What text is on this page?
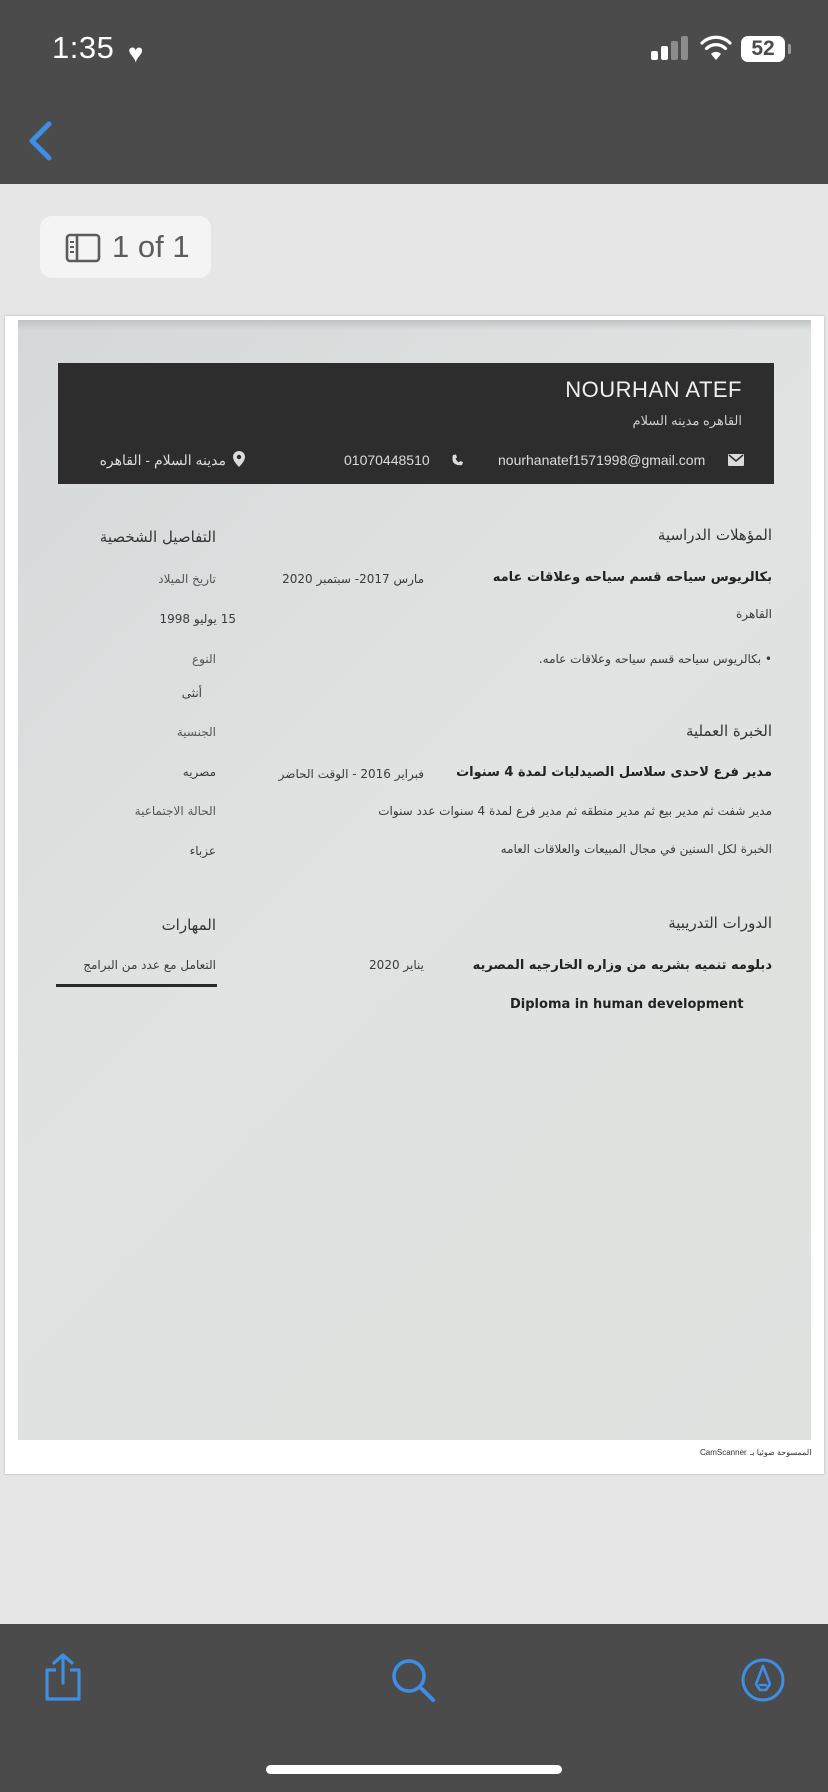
1:35 ♥	52
1 of 1
NOURHAN ATEF
القاهره مدينه السلام
nourhanatef1571998@gmail.com
01070448510
مدينه السلام - القاهره
المؤهلات الدراسية
بكالريوس سياحه قسم سياحه وعلاقات عامه
مارس 2017- سبتمبر 2020
القاهرة
• بكالريوس سياحه قسم سياحه وعلاقات عامه.
الخبرة العملية
مدير فرع لاحدى سلاسل الصيدليات لمدة 4 سنوات
فبراير 2016 - الوقت الحاضر
مدير شفت ثم مدير بيع ثم مدير منطقه ثم مدير فرع لمدة 4 سنوات عدد سنوات
الخبرة لكل السنين في مجال المبيعات والعلاقات العامه
الدورات التدريبية
دبلومه تنميه بشريه من وزاره الخارجيه المصريه
يناير 2020
Diploma in human development
التفاصيل الشخصية
تاريخ الميلاد
15 يوليو 1998
النوع
أنثى
الجنسية
مصريه
الحالة الاجتماعية
عزباء
المهارات
التعامل مع عدد من البرامج
CamScanner الممسوحة ضوئيا بـ
